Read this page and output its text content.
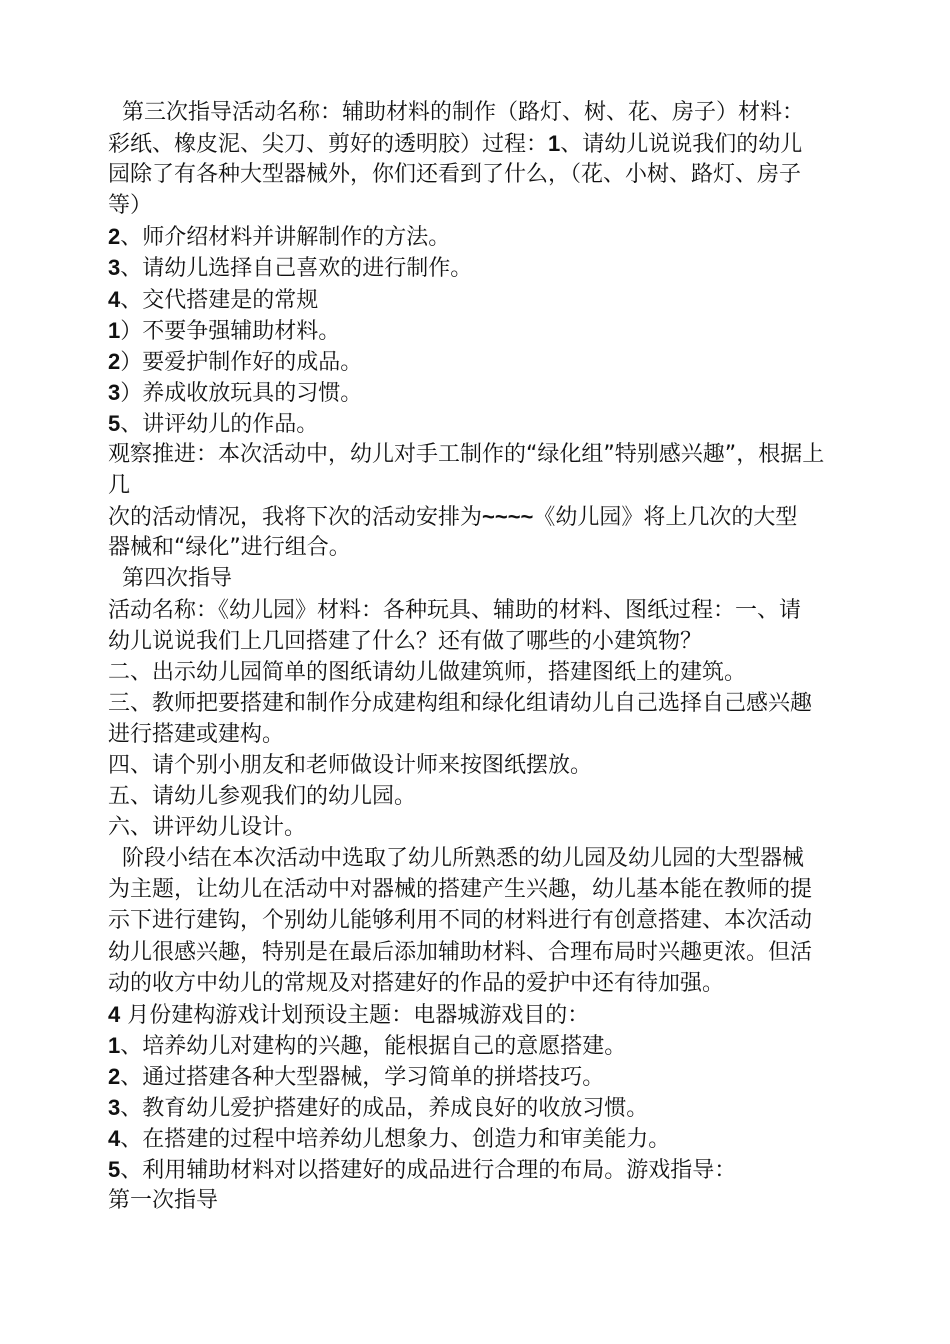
第三次指导活动名称：辅助材料的制作（路灯、树、花、房子）材料：
彩纸、橡皮泥、尖刀、剪好的透明胶）过程：1、请幼儿说说我们的幼儿
园除了有各种大型器械外，你们还看到了什么，（花、小树、路灯、房子
等）
2、师介绍材料并讲解制作的方法。
3、请幼儿选择自己喜欢的进行制作。
4、交代搭建是的常规
1）不要争强辅助材料。
2）要爱护制作好的成品。
3）养成收放玩具的习惯。
5、讲评幼儿的作品。
观察推进：本次活动中，幼儿对手工制作的“绿化组”特别感兴趣”，根据上
几
次的活动情况，我将下次的活动安排为~~~~《幼儿园》将上几次的大型
器械和“绿化”进行组合。
第四次指导
活动名称：《幼儿园》材料：各种玩具、辅助的材料、图纸过程：一、请
幼儿说说我们上几回搭建了什么？还有做了哪些的小建筑物？
二、出示幼儿园简单的图纸请幼儿做建筑师，搭建图纸上的建筑。
三、教师把要搭建和制作分成建构组和绿化组请幼儿自己选择自己感兴趣
进行搭建或建构。
四、请个别小朋友和老师做设计师来按图纸摆放。
五、请幼儿参观我们的幼儿园。
六、讲评幼儿设计。
阶段小结在本次活动中选取了幼儿所熟悉的幼儿园及幼儿园的大型器械
为主题，让幼儿在活动中对器械的搭建产生兴趣，幼儿基本能在教师的提
示下进行建钩，个别幼儿能够利用不同的材料进行有创意搭建、本次活动
幼儿很感兴趣，特别是在最后添加辅助材料、合理布局时兴趣更浓。但活
动的收方中幼儿的常规及对搭建好的作品的爱护中还有待加强。
4 月份建构游戏计划预设主题：电器城游戏目的：
1、培养幼儿对建构的兴趣，能根据自己的意愿搭建。
2、通过搭建各种大型器械，学习简单的拼塔技巧。
3、教育幼儿爱护搭建好的成品，养成良好的收放习惯。
4、在搭建的过程中培养幼儿想象力、创造力和审美能力。
5、利用辅助材料对以搭建好的成品进行合理的布局。游戏指导：
第一次指导
